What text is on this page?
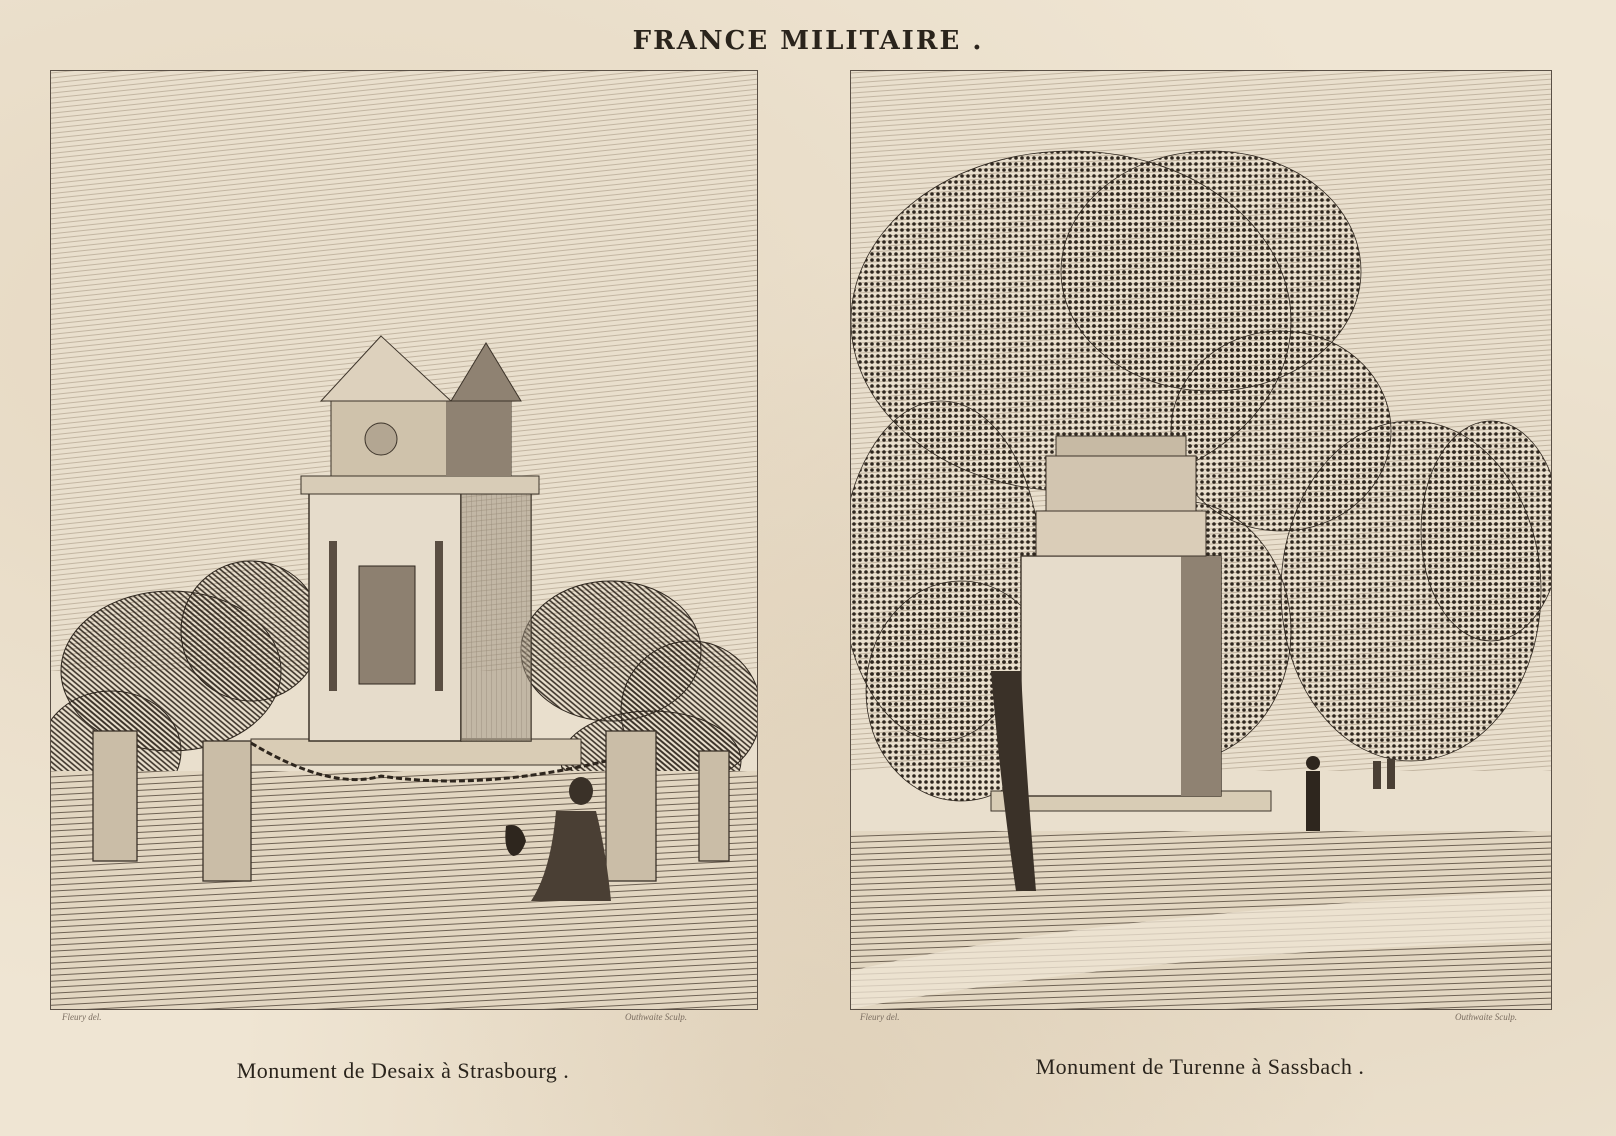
FRANCE MILITAIRE .
Fleury del.	Outhwaite Sculp.
Monument de Desaix à Strasbourg .
Fleury del.	Outhwaite Sculp.
Monument de Turenne à Sassbach .
